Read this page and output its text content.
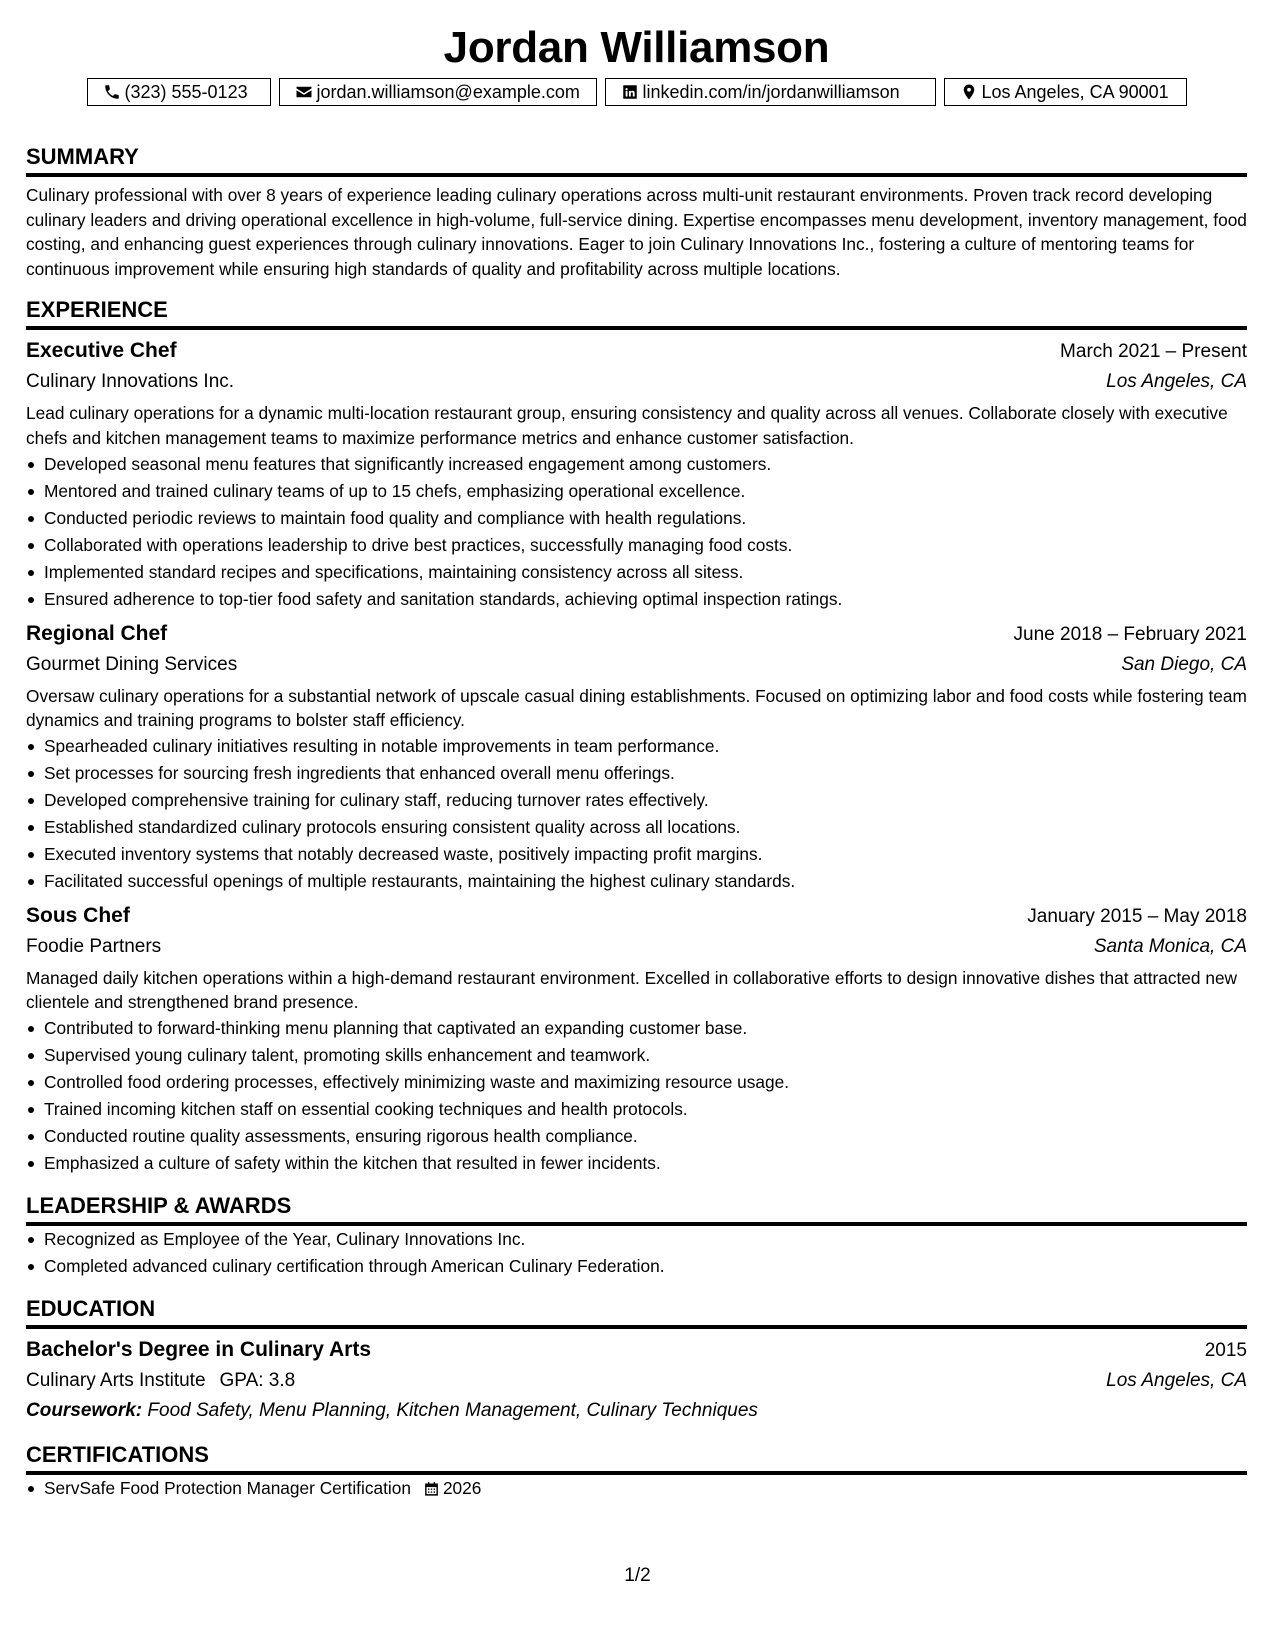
Jordan Williamson
(323) 555-0123	jordan.williamson@example.com	linkedin.com/in/jordanwilliamson	Los Angeles, CA 90001
SUMMARY

Culinary professional with over 8 years of experience leading culinary operations across multi-unit restaurant environments. Proven track record developing culinary leaders and driving operational excellence in high-volume, full-service dining. Expertise encompasses menu development, inventory management, food costing, and enhancing guest experiences through culinary innovations. Eager to join Culinary Innovations Inc., fostering a culture of mentoring teams for continuous improvement while ensuring high standards of quality and profitability across multiple locations.

EXPERIENCE
Executive Chef	March 2021 – Present
Culinary Innovations Inc.	Los Angeles, CA

Lead culinary operations for a dynamic multi-location restaurant group, ensuring consistency and quality across all venues. Collaborate closely with executive chefs and kitchen management teams to maximize performance metrics and enhance customer satisfaction.

Developed seasonal menu features that significantly increased engagement among customers.
Mentored and trained culinary teams of up to 15 chefs, emphasizing operational excellence.
Conducted periodic reviews to maintain food quality and compliance with health regulations.
Collaborated with operations leadership to drive best practices, successfully managing food costs.
Implemented standard recipes and specifications, maintaining consistency across all sitess.
Ensured adherence to top-tier food safety and sanitation standards, achieving optimal inspection ratings.
Regional Chef	June 2018 – February 2021
Gourmet Dining Services	San Diego, CA

Oversaw culinary operations for a substantial network of upscale casual dining establishments. Focused on optimizing labor and food costs while fostering team dynamics and training programs to bolster staff efficiency.

Spearheaded culinary initiatives resulting in notable improvements in team performance.
Set processes for sourcing fresh ingredients that enhanced overall menu offerings.
Developed comprehensive training for culinary staff, reducing turnover rates effectively.
Established standardized culinary protocols ensuring consistent quality across all locations.
Executed inventory systems that notably decreased waste, positively impacting profit margins.
Facilitated successful openings of multiple restaurants, maintaining the highest culinary standards.
Sous Chef	January 2015 – May 2018
Foodie Partners	Santa Monica, CA

Managed daily kitchen operations within a high-demand restaurant environment. Excelled in collaborative efforts to design innovative dishes that attracted new clientele and strengthened brand presence.

Contributed to forward-thinking menu planning that captivated an expanding customer base.
Supervised young culinary talent, promoting skills enhancement and teamwork.
Controlled food ordering processes, effectively minimizing waste and maximizing resource usage.
Trained incoming kitchen staff on essential cooking techniques and health protocols.
Conducted routine quality assessments, ensuring rigorous health compliance.
Emphasized a culture of safety within the kitchen that resulted in fewer incidents.
LEADERSHIP & AWARDS
Recognized as Employee of the Year, Culinary Innovations Inc.
Completed advanced culinary certification through American Culinary Federation.
EDUCATION
Bachelor's Degree in Culinary Arts	2015
Culinary Arts Institute GPA: 3.8	Los Angeles, CA
Coursework: Food Safety, Menu Planning, Kitchen Management, Culinary Techniques
CERTIFICATIONS
ServSafe Food Protection Manager Certification 2026
1/2
